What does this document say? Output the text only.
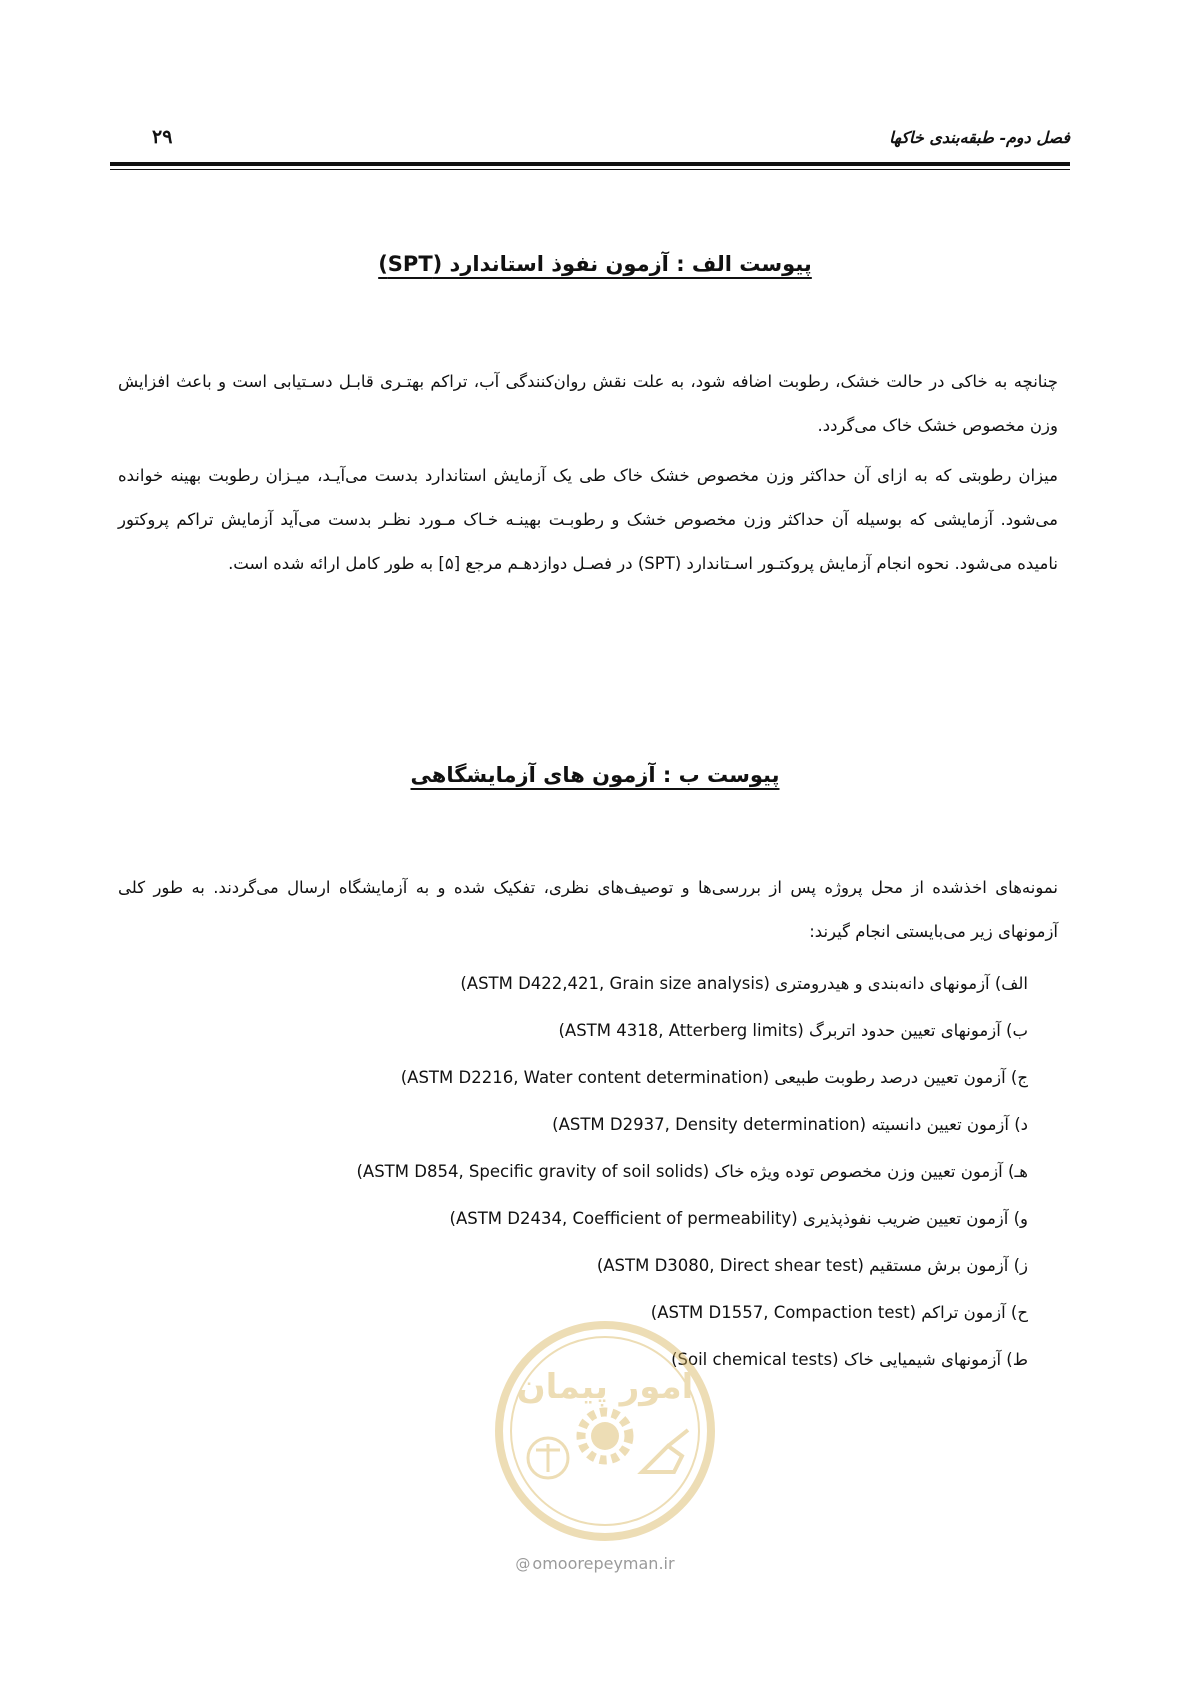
فصل دوم- طبقه‌بندی خاکها
۲۹
پیوست الف : آزمون نفوذ استاندارد (SPT)

چنانچه به خاکی در حالت خشک، رطوبت اضافه شود، به علت نقش روان‌کنندگی آب، تراکم بهتـری قابـل دسـتیابی است و باعث افزایش وزن مخصوص خشک خاک می‌گردد.

میزان رطوبتی که به ازای آن حداکثر وزن مخصوص خشک خاک طی یک آزمایش استاندارد بدست می‌آیـد، میـزان رطوبت بهینه خوانده می‌شود. آزمایشی که بوسیله آن حداکثر وزن مخصوص خشک و رطوبـت بهینـه خـاک مـورد نظـر بدست می‌آید آزمایش تراکم پروکتور نامیده می‌شود. نحوه انجام آزمایش پروکتـور اسـتاندارد (SPT) در فصـل دوازدهـم مرجع [۵] به طور کامل ارائه شده است.

پیوست ب : آزمون های آزمایشگاهی

نمونه‌های اخذشده از محل پروژه پس از بررسی‌ها و توصیف‌های نظری، تفکیک شده و به آزمایشگاه ارسال می‌گردند. به طور کلی آزمونهای زیر می‌بایستی انجام گیرند:

الف) آزمونهای دانه‌بندی و هیدرومتری (ASTM D422,421, Grain size analysis)
ب) آزمونهای تعیین حدود اتربرگ (ASTM 4318, Atterberg limits)
ج) آزمون تعیین درصد رطوبت طبیعی (ASTM D2216, Water content determination)
د) آزمون تعیین دانسیته (ASTM D2937, Density determination)
هـ) آزمون تعیین وزن مخصوص توده ویژه خاک (ASTM D854, Specific gravity of soil solids)
و) آزمون تعیین ضریب نفوذپذیری (ASTM D2434, Coefficient of permeability)
ز) آزمون برش مستقیم (ASTM D3080, Direct shear test)
ح) آزمون تراکم (ASTM D1557, Compaction test)
ط) آزمونهای شیمیایی خاک (Soil chemical tests)
امور پیمان
@ omoorepeyman.ir
